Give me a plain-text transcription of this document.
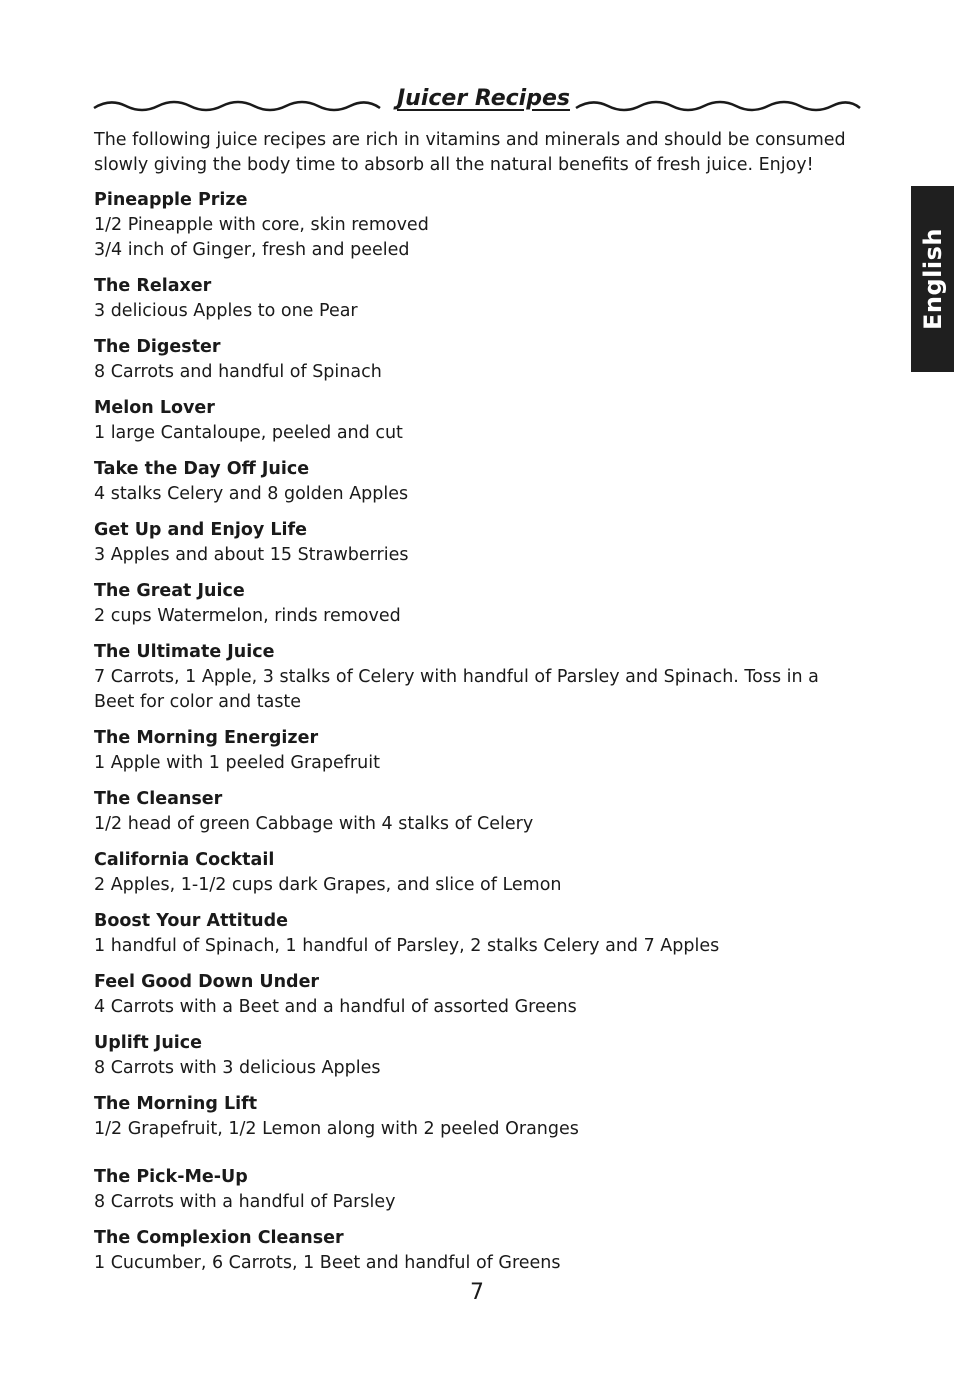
Juicer Recipes

The following juice recipes are rich in vitamins and minerals and should be consumed slowly giving the body time to absorb all the natural benefits of fresh juice. Enjoy!

Pineapple Prize

1/2 Pineapple with core, skin removed

3/4 inch of Ginger, fresh and peeled

The Relaxer

3 delicious Apples to one Pear

The Digester

8 Carrots and handful of Spinach

Melon Lover

1 large Cantaloupe, peeled and cut

Take the Day Off Juice

4 stalks Celery and 8 golden Apples

Get Up and Enjoy Life

3 Apples and about 15 Strawberries

The Great Juice

2 cups Watermelon, rinds removed

The Ultimate Juice

7 Carrots, 1 Apple, 3 stalks of Celery with handful of Parsley and Spinach. Toss in a Beet for color and taste

The Morning Energizer

1 Apple with 1 peeled Grapefruit

The Cleanser

1/2 head of green Cabbage with 4 stalks of Celery

California Cocktail

2 Apples, 1-1/2 cups dark Grapes, and slice of Lemon

Boost Your Attitude

1 handful of Spinach, 1 handful of Parsley, 2 stalks Celery and 7 Apples

Feel Good Down Under

4 Carrots with a Beet and a handful of assorted Greens

Uplift Juice

8 Carrots with 3 delicious Apples

The Morning Lift

1/2 Grapefruit, 1/2 Lemon along with 2 peeled Oranges

The Pick-Me-Up

8 Carrots with a handful of Parsley

The Complexion Cleanser

1 Cucumber, 6 Carrots, 1 Beet and handful of Greens

English
7
